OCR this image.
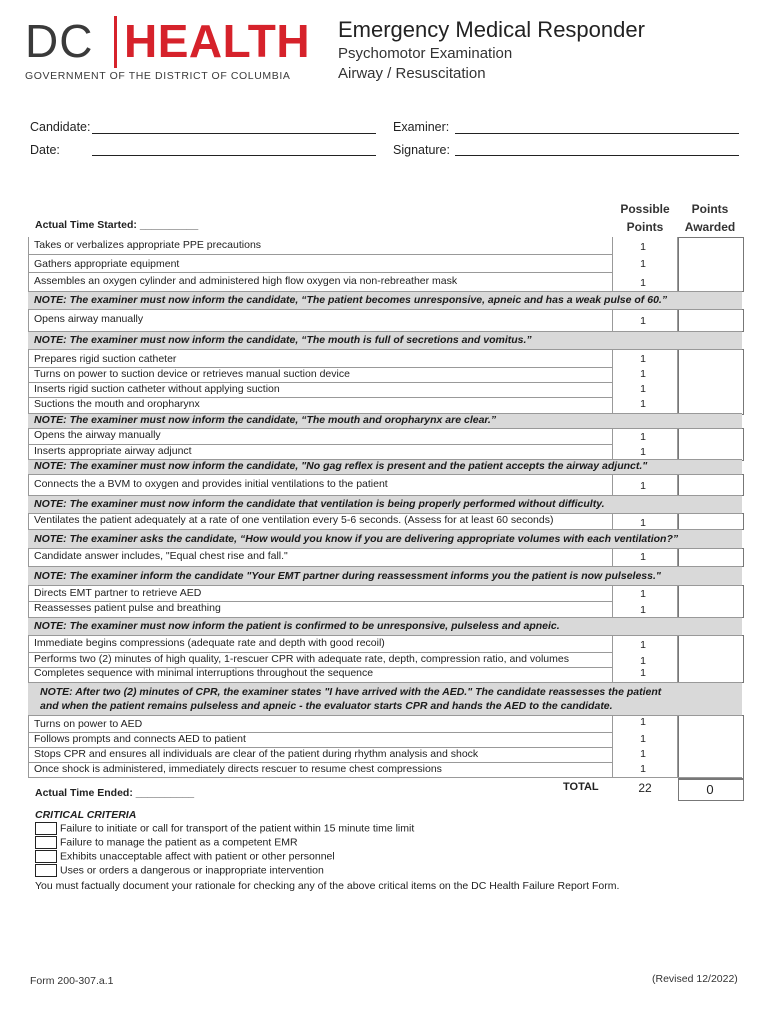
DC HEALTH
GOVERNMENT OF THE DISTRICT OF COLUMBIA
Emergency Medical Responder
Psychomotor Examination
Airway / Resuscitation
Candidate:	Examiner:
Date:	Signature:
Actual Time Started: __________
Possible
Points
Points
Awarded
Takes or verbalizes appropriate PPE precautions	1
Gathers appropriate equipment	1
Assembles an oxygen cylinder and administered high flow oxygen via non-rebreather mask	1
NOTE: The examiner must now inform the candidate, “The patient becomes unresponsive, apneic and has a weak pulse of 60.”
Opens airway manually	1
NOTE: The examiner must now inform the candidate, “The mouth is full of secretions and vomitus.”
Prepares rigid suction catheter	1
Turns on power to suction device or retrieves manual suction device	1
Inserts rigid suction catheter without applying suction	1
Suctions the mouth and oropharynx	1
NOTE: The examiner must now inform the candidate, “The mouth and oropharynx are clear.”
Opens the airway manually	1
Inserts appropriate airway adjunct	1
NOTE: The examiner must now inform the candidate, "No gag reflex is present and the patient accepts the airway adjunct."
Connects the a BVM to oxygen and provides initial ventilations to the patient	1
NOTE: The examiner must now inform the candidate that ventilation is being properly performed without difficulty.
Ventilates the patient adequately at a rate of one ventilation every 5-6 seconds. (Assess for at least 60 seconds)	1
NOTE: The examiner asks the candidate, “How would you know if you are delivering appropriate volumes with each ventilation?”
Candidate answer includes, "Equal chest rise and fall."	1
NOTE: The examiner inform the candidate "Your EMT partner during reassessment informs you the patient is now pulseless."
Directs EMT partner to retrieve AED	1
Reassesses patient pulse and breathing	1
NOTE: The examiner must now inform the patient is confirmed to be unresponsive, pulseless and apneic.
Immediate begins compressions (adequate rate and depth with good recoil)	1
Performs two (2) minutes of high quality, 1-rescuer CPR with adequate rate, depth, compression ratio, and volumes	1
Completes sequence with minimal interruptions throughout the sequence	1
NOTE: After two (2) minutes of CPR, the examiner states "I have arrived with the AED." The candidate reassesses the patient
and when the patient remains pulseless and apneic - the evaluator starts CPR and hands the AED to the candidate.
Turns on power to AED	1
Follows prompts and connects AED to patient	1
Stops CPR and ensures all individuals are clear of the patient during rhythm analysis and shock	1
Once shock is administered, immediately directs rescuer to resume chest compressions	1
Actual Time Ended: __________	TOTAL	22	0
CRITICAL CRITERIA
Failure to initiate or call for transport of the patient within 15 minute time limit
Failure to manage the patient as a competent EMR
Exhibits unacceptable affect with patient or other personnel
Uses or orders a dangerous or inappropriate intervention
You must factually document your rationale for checking any of the above critical items on the DC Health Failure Report Form.
Form 200-307.a.1	(Revised 12/2022)
